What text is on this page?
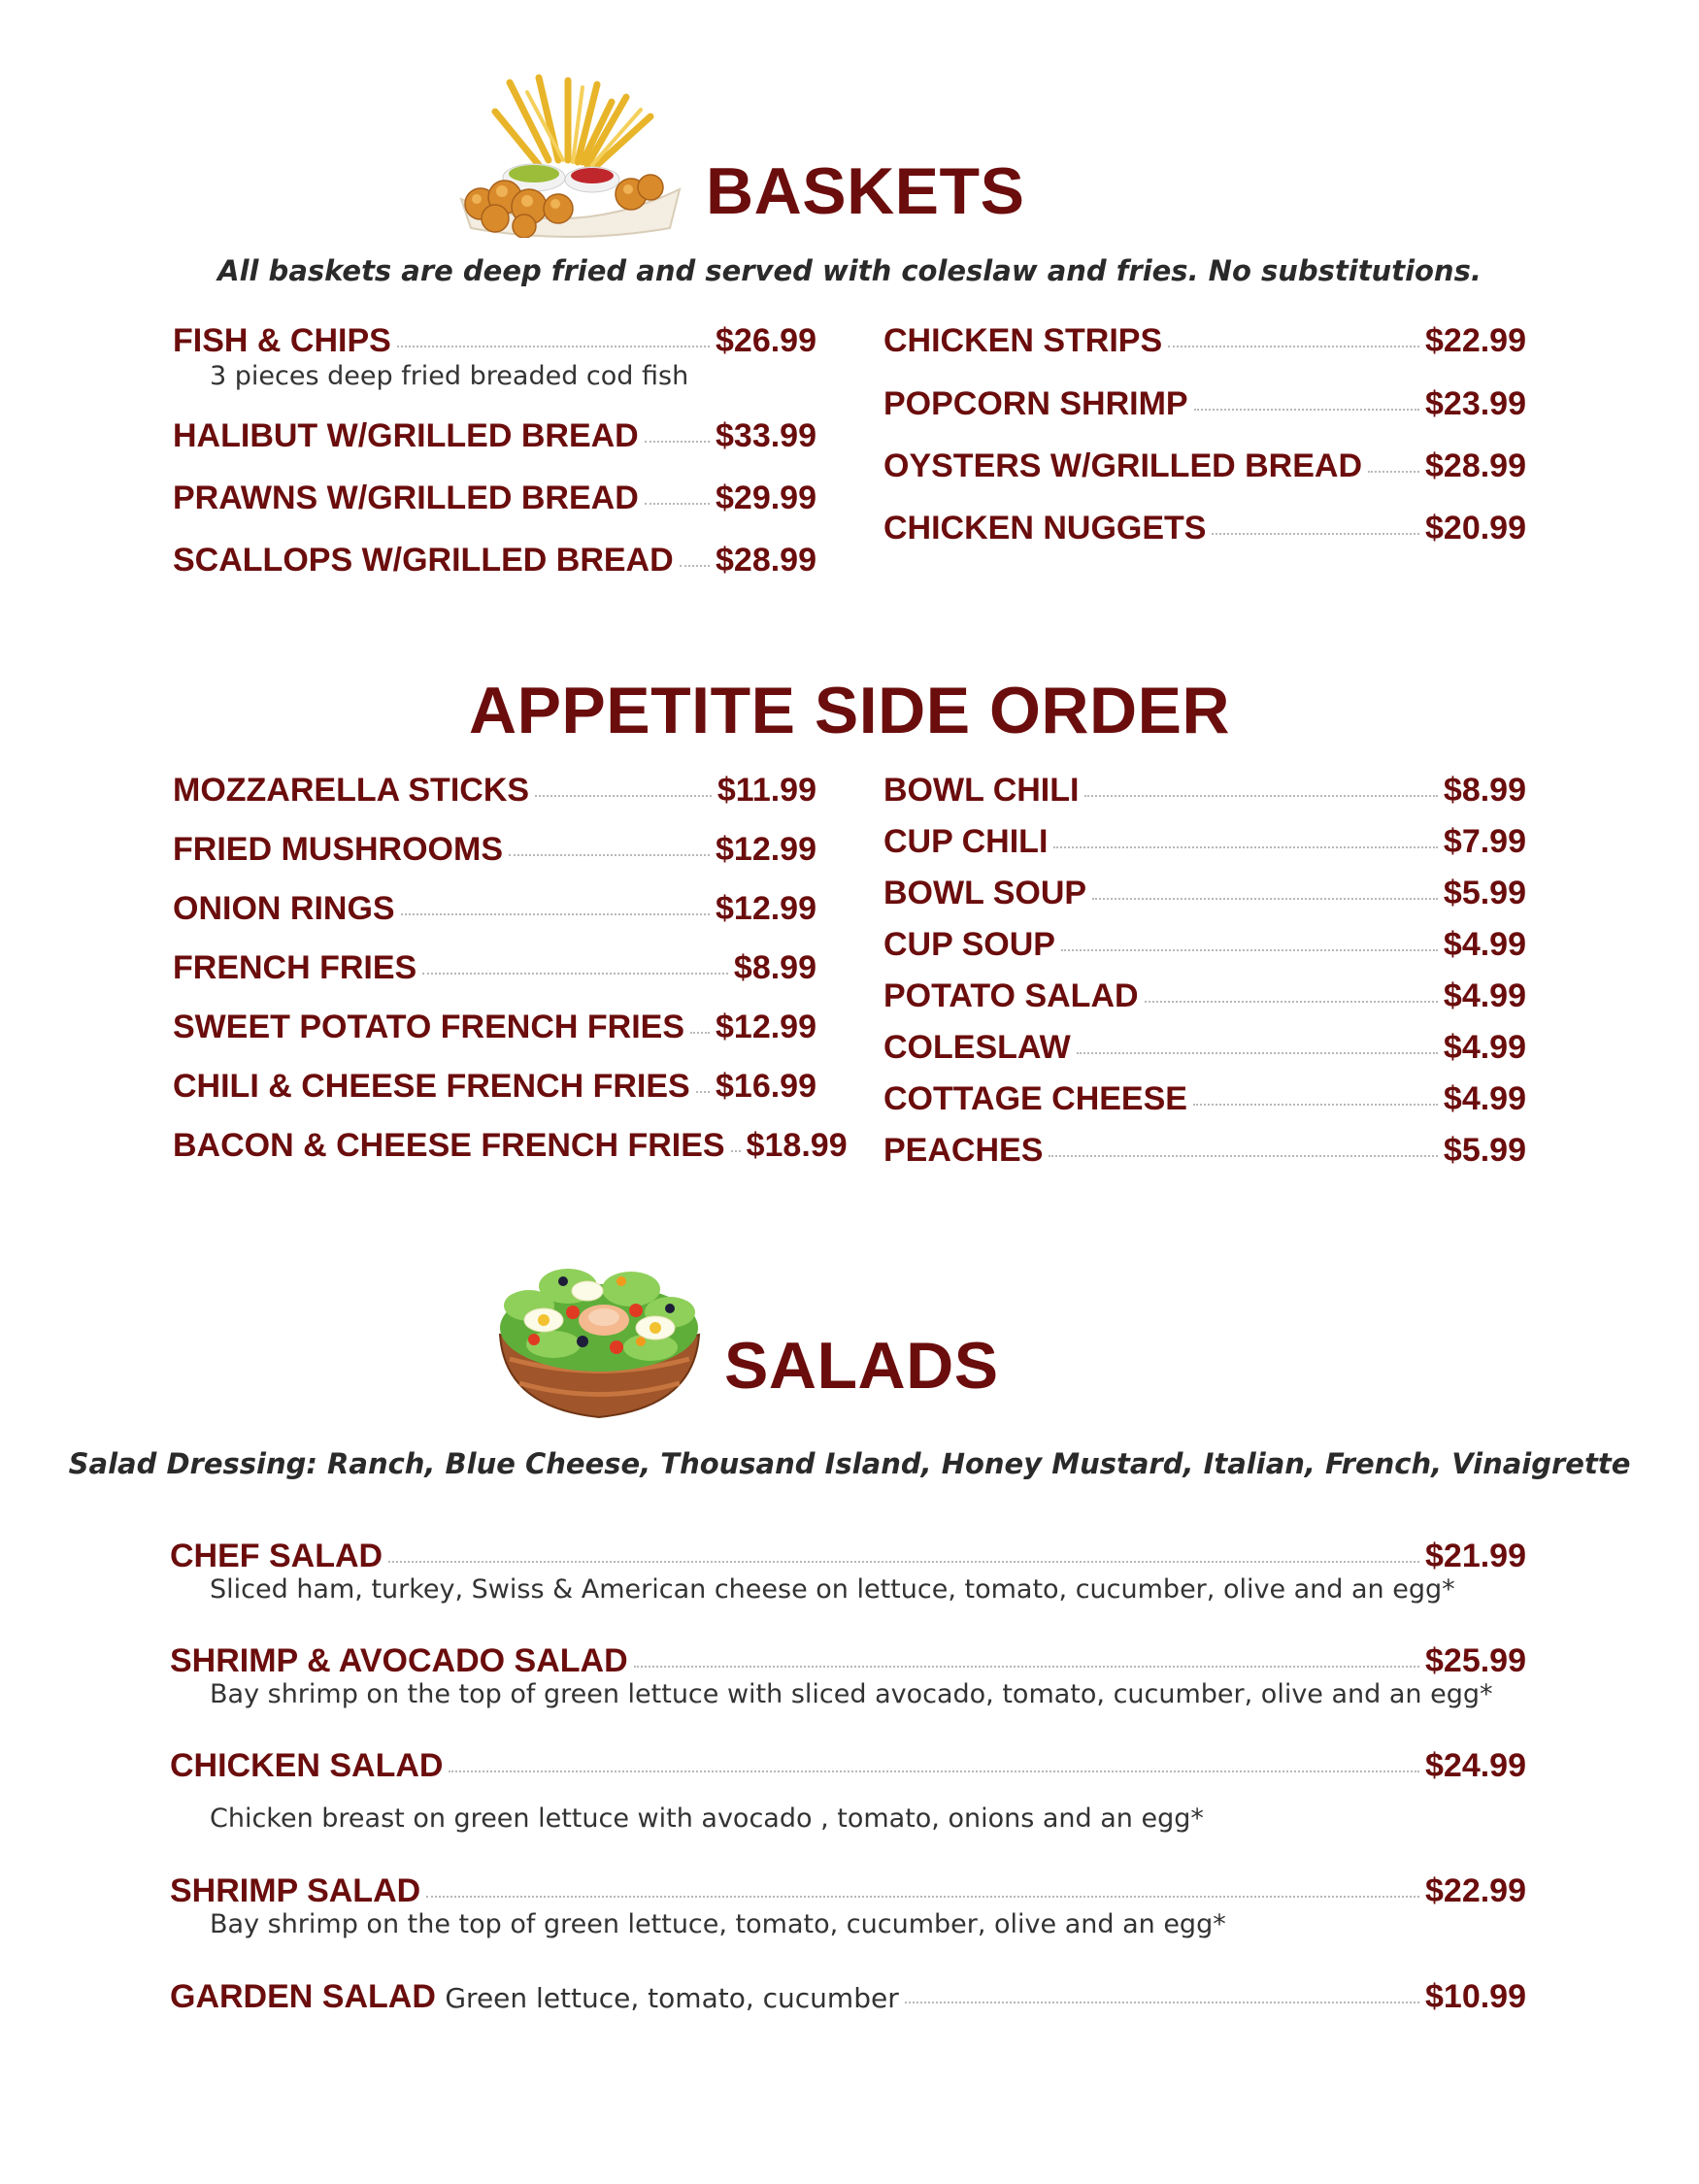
BASKETS
All baskets are deep fried and served with coleslaw and fries. No substitutions.
FISH & CHIPS	$26.99
3 pieces deep fried breaded cod fish
HALIBUT W/GRILLED BREAD $33.99
PRAWNS W/GRILLED BREAD $29.99
SCALLOPS W/GRILLED BREAD $28.99
CHICKEN STRIPS	$22.99
POPCORN SHRIMP	$23.99
OYSTERS W/GRILLED BREAD $28.99
CHICKEN NUGGETS	$20.99
APPETITE SIDE ORDER
MOZZARELLA STICKS	$11.99
FRIED MUSHROOMS	$12.99
ONION RINGS	$12.99
FRENCH FRIES	$8.99
SWEET POTATO FRENCH FRIES $12.99
CHILI & CHEESE FRENCH FRIES $16.99
BACON & CHEESE FRENCH FRIES $18.99
BOWL CHILI	$8.99
CUP CHILI	$7.99
BOWL SOUP	$5.99
CUP SOUP	$4.99
POTATO SALAD	$4.99
COLESLAW	$4.99
COTTAGE CHEESE	$4.99
PEACHES	$5.99
SALADS
Salad Dressing: Ranch, Blue Cheese, Thousand Island, Honey Mustard, Italian, French, Vinaigrette
CHEF SALAD	$21.99
Sliced ham, turkey, Swiss & American cheese on lettuce, tomato, cucumber, olive and an egg*
SHRIMP & AVOCADO SALAD	$25.99
Bay shrimp on the top of green lettuce with sliced avocado, tomato, cucumber, olive and an egg*
CHICKEN SALAD	$24.99
Chicken breast on green lettuce with avocado , tomato, onions and an egg*
SHRIMP SALAD	$22.99
Bay shrimp on the top of green lettuce, tomato, cucumber, olive and an egg*
GARDEN SALAD Green lettuce, tomato, cucumber	$10.99
